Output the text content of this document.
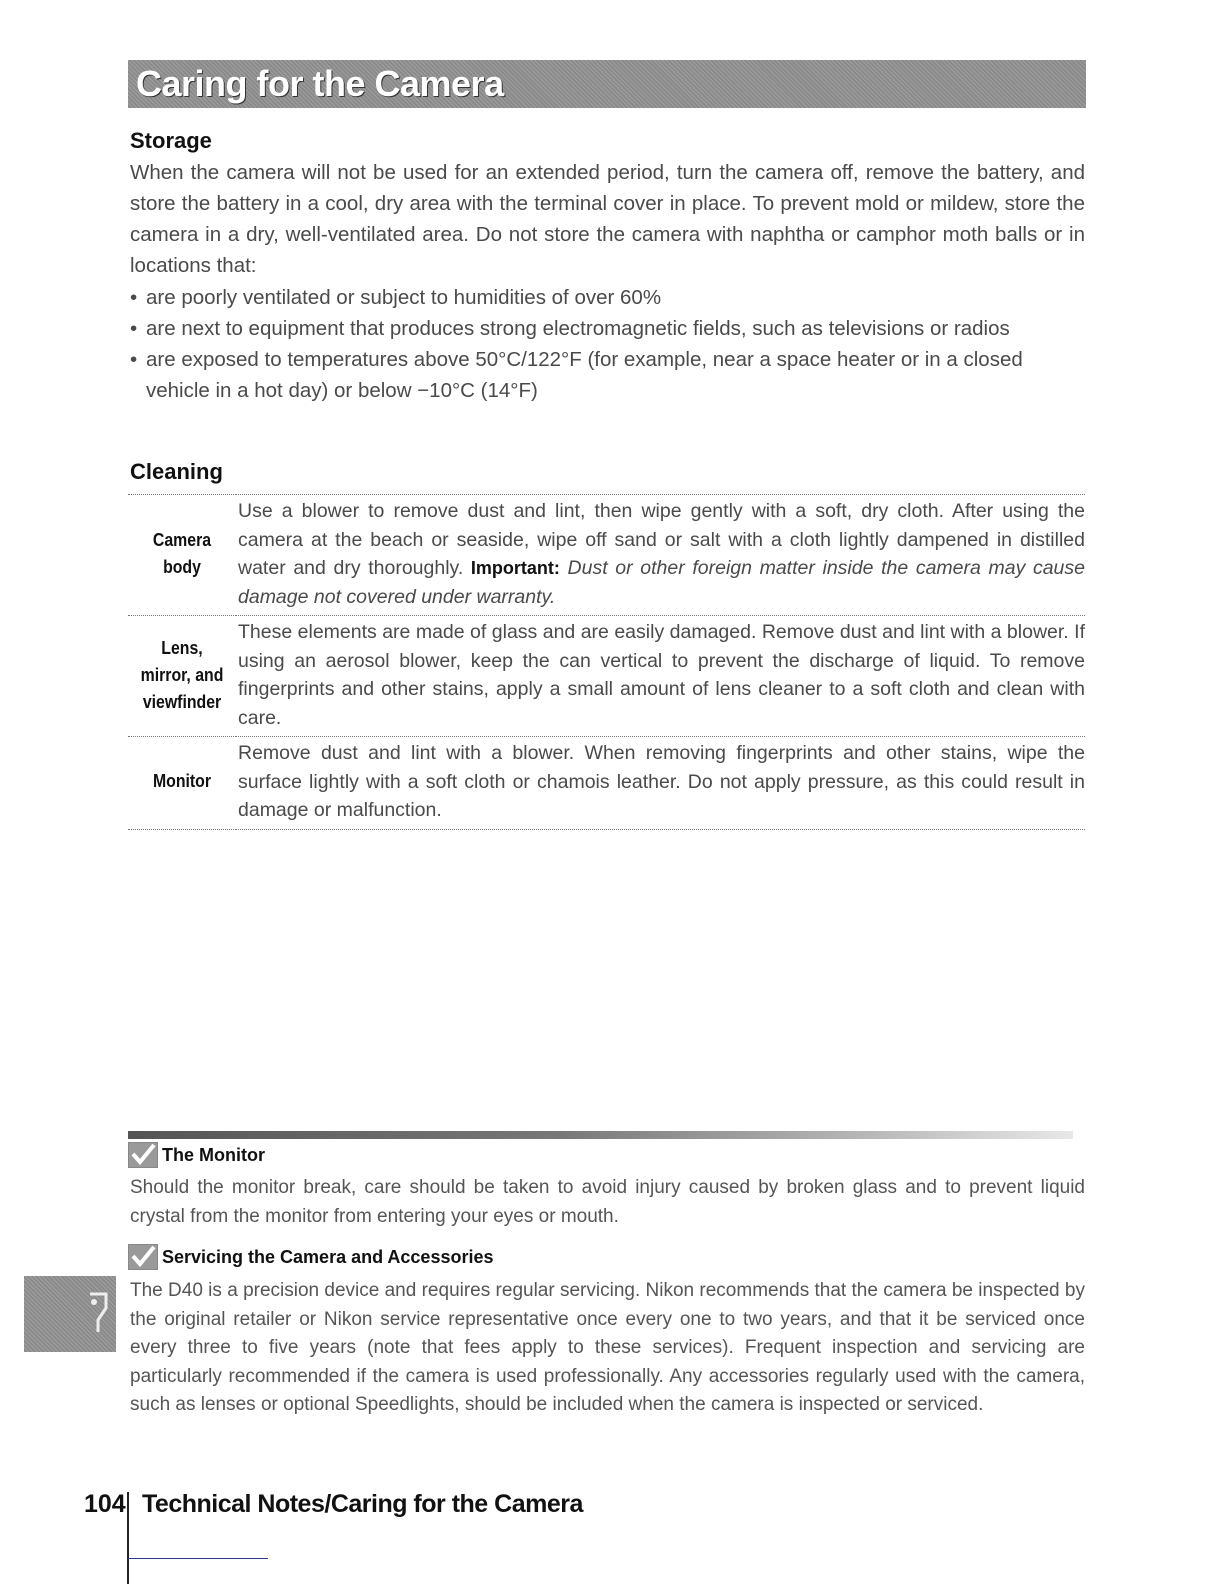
Caring for the Camera
Storage

When the camera will not be used for an extended period, turn the camera off, remove the battery, and store the battery in a cool, dry area with the terminal cover in place. To prevent mold or mildew, store the camera in a dry, well-ventilated area. Do not store the camera with naphtha or camphor moth balls or in locations that:

• are poorly ventilated or subject to humidities of over 60%
• are next to equipment that produces strong electromagnetic fields, such as televisions or radios
• are exposed to temperatures above 50°C/122°F (for example, near a space heater or in a closed vehicle in a hot day) or below −10°C (14°F)
Cleaning
Camera body	Use a blower to remove dust and lint, then wipe gently with a soft, dry cloth. After using the camera at the beach or seaside, wipe off sand or salt with a cloth lightly dampened in distilled water and dry thoroughly. Important: Dust or other foreign matter inside the camera may cause damage not covered under warranty.
Lens, mirror, and viewfinder	These elements are made of glass and are easily damaged. Remove dust and lint with a blower. If using an aerosol blower, keep the can vertical to prevent the discharge of liquid. To remove fingerprints and other stains, apply a small amount of lens cleaner to a soft cloth and clean with care.
Monitor	Remove dust and lint with a blower. When removing fingerprints and other stains, wipe the surface lightly with a soft cloth or chamois leather. Do not apply pressure, as this could result in damage or malfunction.
The Monitor

Should the monitor break, care should be taken to avoid injury caused by broken glass and to prevent liquid crystal from the monitor from entering your eyes or mouth.

Servicing the Camera and Accessories

The D40 is a precision device and requires regular servicing. Nikon recommends that the camera be inspected by the original retailer or Nikon service representative once every one to two years, and that it be serviced once every three to five years (note that fees apply to these services). Frequent inspection and servicing are particularly recommended if the camera is used professionally. Any accessories regularly used with the camera, such as lenses or optional Speedlights, should be included when the camera is inspected or serviced.

104 Technical Notes/Caring for the Camera
